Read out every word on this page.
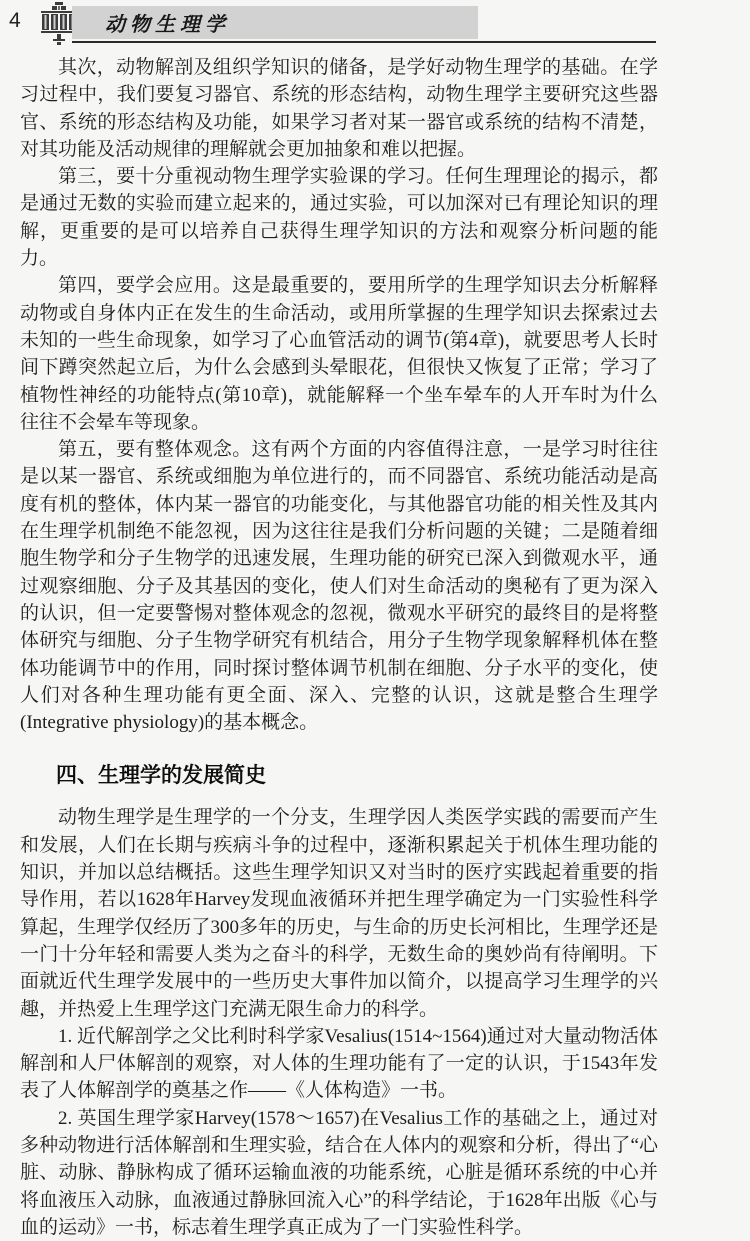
4	动物生理学

其次，动物解剖及组织学知识的储备，是学好动物生理学的基础。在学习过程中，我们要复习器官、系统的形态结构，动物生理学主要研究这些器官、系统的形态结构及功能，如果学习者对某一器官或系统的结构不清楚，对其功能及活动规律的理解就会更加抽象和难以把握。

第三，要十分重视动物生理学实验课的学习。任何生理理论的揭示，都是通过无数的实验而建立起来的，通过实验，可以加深对已有理论知识的理解，更重要的是可以培养自己获得生理学知识的方法和观察分析问题的能力。

第四，要学会应用。这是最重要的，要用所学的生理学知识去分析解释动物或自身体内正在发生的生命活动，或用所掌握的生理学知识去探索过去未知的一些生命现象，如学习了心血管活动的调节(第4章)，就要思考人长时间下蹲突然起立后，为什么会感到头晕眼花，但很快又恢复了正常；学习了植物性神经的功能特点(第10章)，就能解释一个坐车晕车的人开车时为什么往往不会晕车等现象。

第五，要有整体观念。这有两个方面的内容值得注意，一是学习时往往是以某一器官、系统或细胞为单位进行的，而不同器官、系统功能活动是高度有机的整体，体内某一器官的功能变化，与其他器官功能的相关性及其内在生理学机制绝不能忽视，因为这往往是我们分析问题的关键；二是随着细胞生物学和分子生物学的迅速发展，生理功能的研究已深入到微观水平，通过观察细胞、分子及其基因的变化，使人们对生命活动的奥秘有了更为深入的认识，但一定要警惕对整体观念的忽视，微观水平研究的最终目的是将整体研究与细胞、分子生物学研究有机结合，用分子生物学现象解释机体在整体功能调节中的作用，同时探讨整体调节机制在细胞、分子水平的变化，使人们对各种生理功能有更全面、深入、完整的认识，这就是整合生理学(Integrative physiology)的基本概念。

四、生理学的发展简史

动物生理学是生理学的一个分支，生理学因人类医学实践的需要而产生和发展，人们在长期与疾病斗争的过程中，逐渐积累起关于机体生理功能的知识，并加以总结概括。这些生理学知识又对当时的医疗实践起着重要的指导作用，若以1628年Harvey发现血液循环并把生理学确定为一门实验性科学算起，生理学仅经历了300多年的历史，与生命的历史长河相比，生理学还是一门十分年轻和需要人类为之奋斗的科学，无数生命的奥妙尚有待阐明。下面就近代生理学发展中的一些历史大事件加以简介，以提高学习生理学的兴趣，并热爱上生理学这门充满无限生命力的科学。

1. 近代解剖学之父比利时科学家Vesalius(1514~1564)通过对大量动物活体解剖和人尸体解剖的观察，对人体的生理功能有了一定的认识，于1543年发表了人体解剖学的奠基之作——《人体构造》一书。

2. 英国生理学家Harvey(1578～1657)在Vesalius工作的基础之上，通过对多种动物进行活体解剖和生理实验，结合在人体内的观察和分析，得出了“心脏、动脉、静脉构成了循环运输血液的功能系统，心脏是循环系统的中心并将血液压入动脉，血液通过静脉回流入心”的科学结论，于1628年出版《心与血的运动》一书，标志着生理学真正成为了一门实验性科学。
